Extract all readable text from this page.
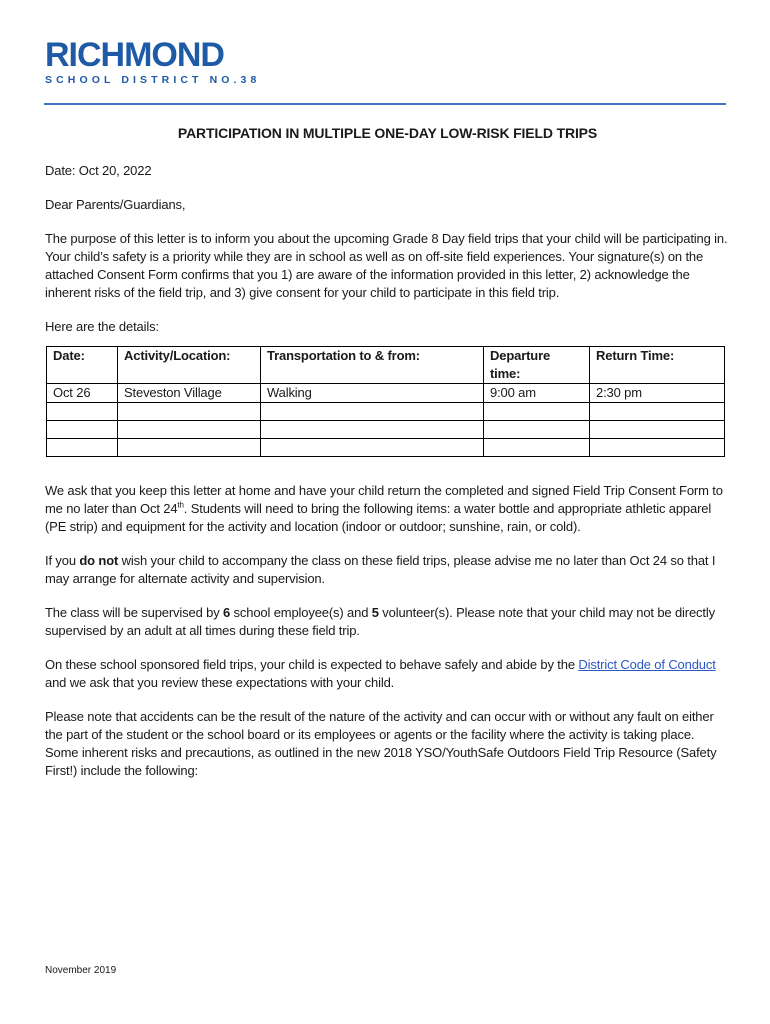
RICHMOND
SCHOOL DISTRICT NO.38
PARTICIPATION IN MULTIPLE ONE-DAY LOW-RISK FIELD TRIPS

Date: Oct 20, 2022

Dear Parents/Guardians,

The purpose of this letter is to inform you about the upcoming Grade 8 Day field trips that your child will be participating in. Your child’s safety is a priority while they are in school as well as on off-site field experiences. Your signature(s) on the attached Consent Form confirms that you 1) are aware of the information provided in this letter, 2) acknowledge the inherent risks of the field trip, and 3) give consent for your child to participate in this field trip.

Here are the details:

Date:	Activity/Location:	Transportation to & from:	Departure time:	Return Time:
Oct 26	Steveston Village	Walking	9:00 am	2:30 pm

We ask that you keep this letter at home and have your child return the completed and signed Field Trip Consent Form to me no later than Oct 24th. Students will need to bring the following items: a water bottle and appropriate athletic apparel (PE strip) and equipment for the activity and location (indoor or outdoor; sunshine, rain, or cold).

If you do not wish your child to accompany the class on these field trips, please advise me no later than Oct 24 so that I may arrange for alternate activity and supervision.

The class will be supervised by 6 school employee(s) and 5 volunteer(s). Please note that your child may not be directly supervised by an adult at all times during these field trip.

On these school sponsored field trips, your child is expected to behave safely and abide by the District Code of Conduct and we ask that you review these expectations with your child.

Please note that accidents can be the result of the nature of the activity and can occur with or without any fault on either the part of the student or the school board or its employees or agents or the facility where the activity is taking place. Some inherent risks and precautions, as outlined in the new 2018 YSO/YouthSafe Outdoors Field Trip Resource (Safety First!) include the following:

November 2019
